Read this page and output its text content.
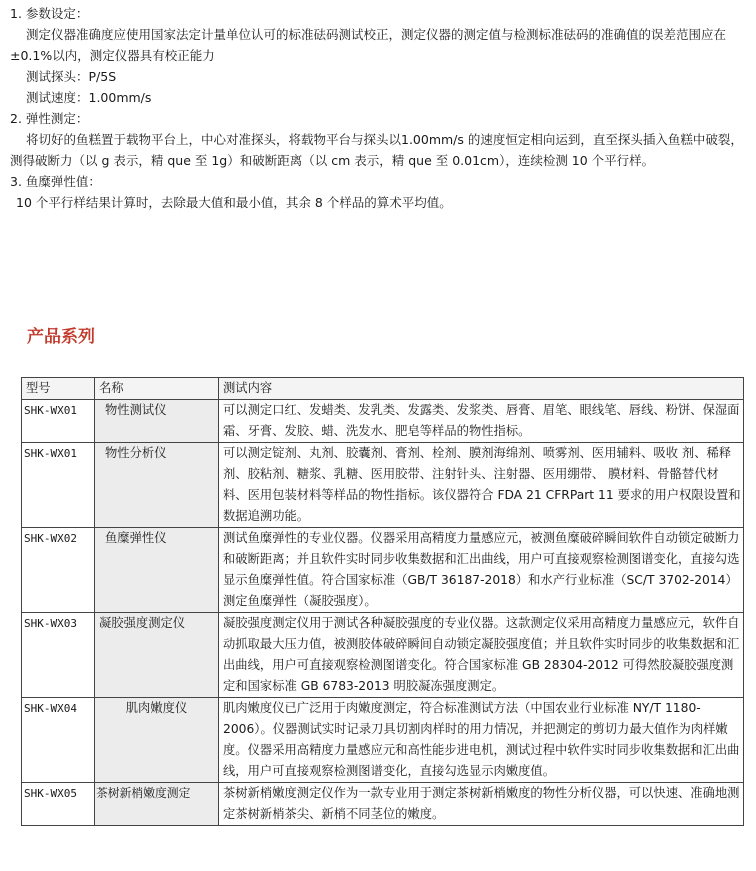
1. 参数设定：
测定仪器准确度应使用国家法定计量单位认可的标准砝码测试校正，测定仪器的测定值与检测标准砝码的准确值的误差范围应在±0.1%以内，测定仪器具有校正能力
测试探头：P/5S
测试速度：1.00mm/s
2. 弹性测定：
将切好的鱼糕置于载物平台上，中心对准探头，将载物平台与探头以1.00mm/s 的速度恒定相向运到，直至探头插入鱼糕中破裂，测得破断力（以 g 表示，精 que 至 1g）和破断距离（以 cm 表示，精 que 至 0.01cm），连续检测 10 个平行样。
3. 鱼糜弹性值：
10 个平行样结果计算时，去除最大值和最小值，其余 8 个样品的算术平均值。
产品系列
型号	名称	测试内容
SHK-WX01	物性测试仪	可以测定口红、发蜡类、发乳类、发露类、发浆类、唇膏、眉笔、眼线笔、唇线、粉饼、保湿面霜、牙膏、发胶、蜡、洗发水、肥皂等样品的物性指标。
SHK-WX01	物性分析仪	可以测定锭剂、丸剂、胶囊剂、膏剂、栓剂、膜剂海绵剂、喷雾剂、医用辅料、吸收 剂、稀释剂、胶粘剂、糖浆、乳糖、医用胶带、注射针头、注射器、医用绷带、 膜材料、骨骼替代材料、医用包装材料等样品的物性指标。该仪器符合 FDA 21 CFRPart 11 要求的用户权限设置和数据追溯功能。
SHK-WX02	鱼糜弹性仪	测试鱼糜弹性的专业仪器。仪器采用高精度力量感应元，被测鱼糜破碎瞬间软件自动锁定破断力和破断距离；并且软件实时同步收集数据和汇出曲线，用户可直接观察检测图谱变化，直接勾选显示鱼糜弹性值。符合国家标准（GB/T 36187-2018）和水产行业标准（SC/T 3702-2014）测定鱼糜弹性（凝胶强度）。
SHK-WX03	凝胶强度测定仪	凝胶强度测定仪用于测试各种凝胶强度的专业仪器。这款测定仪采用高精度力量感应元，软件自动抓取最大压力值，被测胶体破碎瞬间自动锁定凝胶强度值；并且软件实时同步的收集数据和汇出曲线，用户可直接观察检测图谱变化。符合国家标准 GB 28304-2012 可得然胶凝胶强度测定和国家标准 GB 6783-2013 明胶凝冻强度测定。
SHK-WX04	肌肉嫩度仪	肌肉嫩度仪已广泛用于肉嫩度测定，符合标准测试方法（中国农业行业标准 NY/T 1180-2006）。仪器测试实时记录刀具切割肉样时的用力情况，并把测定的剪切力最大值作为肉样嫩度。仪器采用高精度力量感应元和高性能步进电机，测试过程中软件实时同步收集数据和汇出曲线，用户可直接观察检测图谱变化，直接勾选显示肉嫩度值。
SHK-WX05	茶树新梢嫩度测定	茶树新梢嫩度测定仪作为一款专业用于测定茶树新梢嫩度的物性分析仪器，可以快速、准确地测定茶树新梢茶尖、新梢不同茎位的嫩度。
